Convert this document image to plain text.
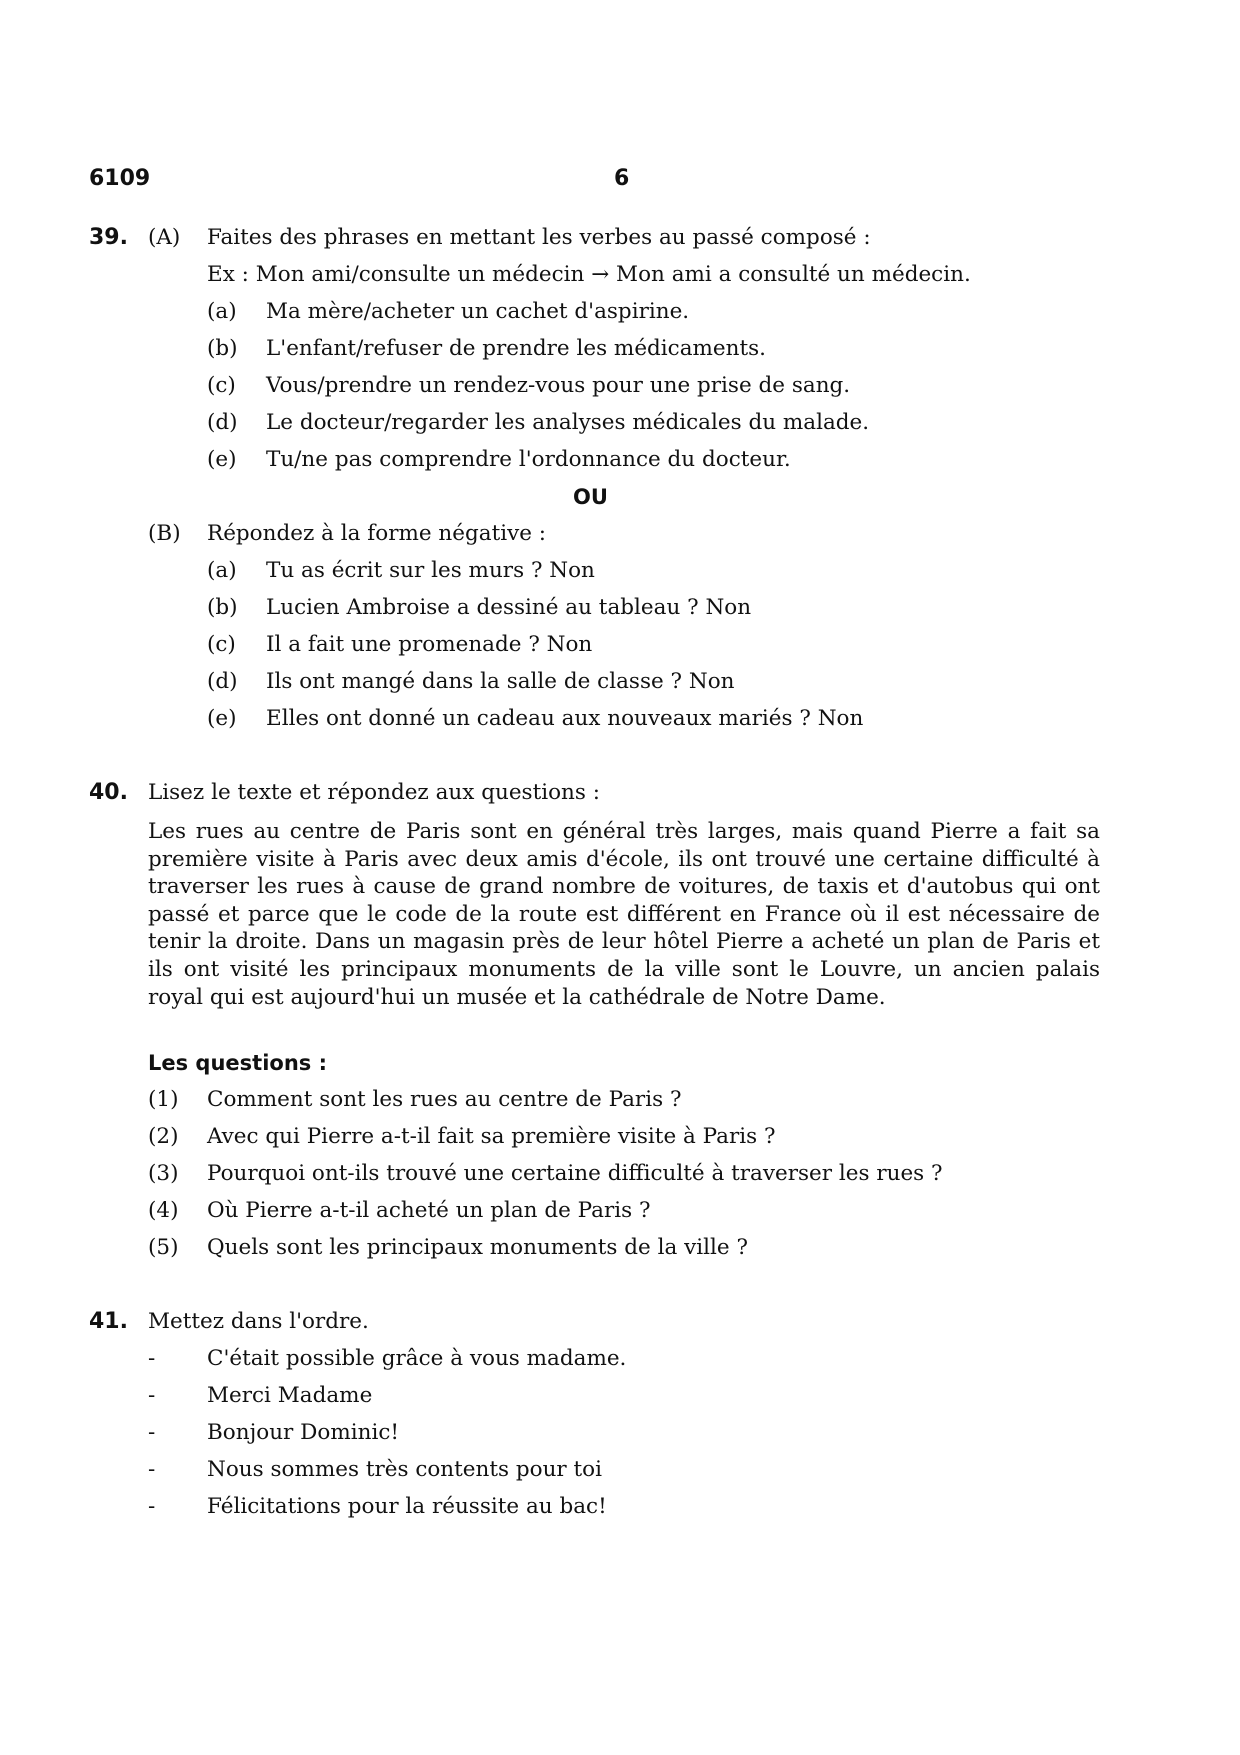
6109	6
39. (A) Faites des phrases en mettant les verbes au passé composé :
Ex : Mon ami/consulte un médecin → Mon ami a consulté un médecin.
(a) Ma mère/acheter un cachet d'aspirine.
(b) L'enfant/refuser de prendre les médicaments.
(c) Vous/prendre un rendez-vous pour une prise de sang.
(d) Le docteur/regarder les analyses médicales du malade.
(e) Tu/ne pas comprendre l'ordonnance du docteur.
OU
(B) Répondez à la forme négative :
(a) Tu as écrit sur les murs ? Non
(b) Lucien Ambroise a dessiné au tableau ? Non
(c) Il a fait une promenade ? Non
(d) Ils ont mangé dans la salle de classe ? Non
(e) Elles ont donné un cadeau aux nouveaux mariés ? Non
40. Lisez le texte et répondez aux questions :
Les rues au centre de Paris sont en général très larges, mais quand Pierre a fait sa première visite à Paris avec deux amis d'école, ils ont trouvé une certaine difficulté à traverser les rues à cause de grand nombre de voitures, de taxis et d'autobus qui ont passé et parce que le code de la route est différent en France où il est nécessaire de tenir la droite. Dans un magasin près de leur hôtel Pierre a acheté un plan de Paris et ils ont visité les principaux monuments de la ville sont le Louvre, un ancien palais royal qui est aujourd'hui un musée et la cathédrale de Notre Dame.
Les questions :
(1) Comment sont les rues au centre de Paris ?
(2) Avec qui Pierre a-t-il fait sa première visite à Paris ?
(3) Pourquoi ont-ils trouvé une certaine difficulté à traverser les rues ?
(4) Où Pierre a-t-il acheté un plan de Paris ?
(5) Quels sont les principaux monuments de la ville ?
41. Mettez dans l'ordre.
- C'était possible grâce à vous madame.
- Merci Madame
- Bonjour Dominic!
- Nous sommes très contents pour toi
- Félicitations pour la réussite au bac!
